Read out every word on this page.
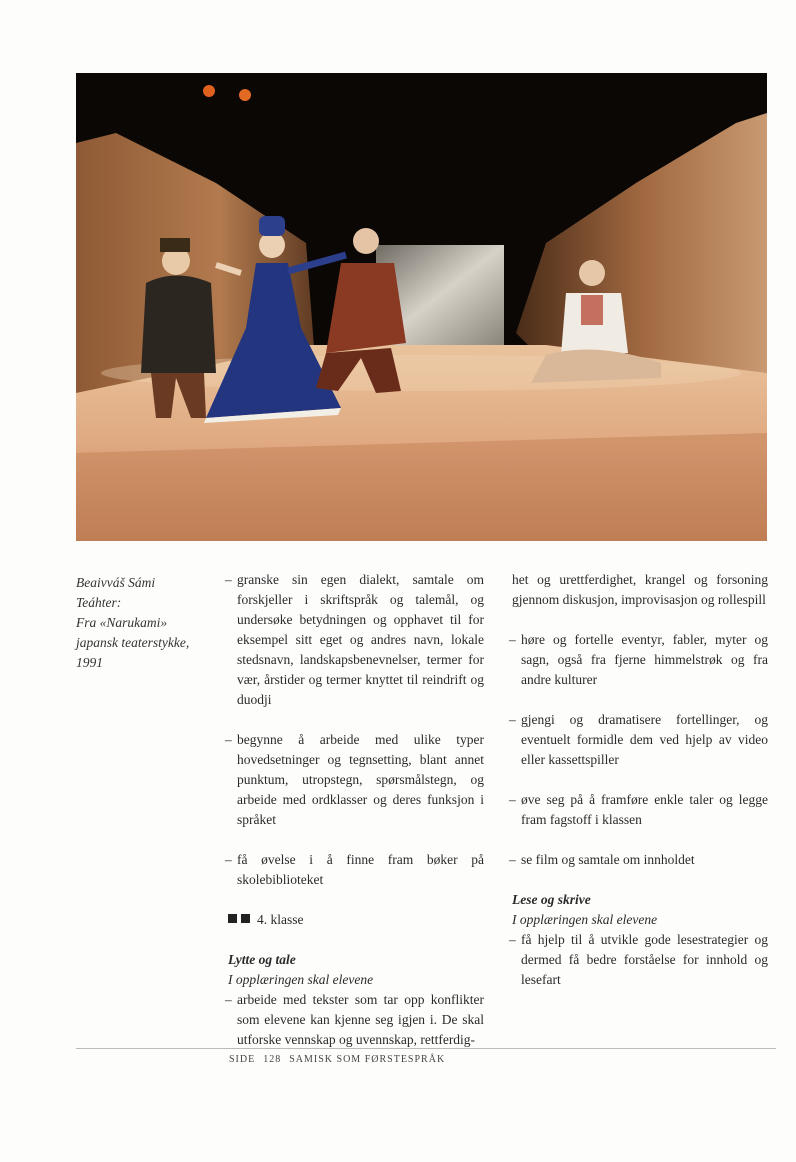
Beaivváš Sámi
Teáhter:
Fra «Narukami»
japansk teaterstykke,
1991

– granske sin egen dialekt, samtale om forskjeller i skriftspråk og talemål, og undersøke betydningen og opphavet til for eksempel sitt eget og andres navn, lokale stedsnavn, landskapsbenevnelser, termer for vær, årstider og termer knyttet til reindrift og duodji

– begynne å arbeide med ulike typer hovedsetninger og tegnsetting, blant annet punktum, utropstegn, spørsmålstegn, og arbeide med ordklasser og deres funksjon i språket

– få øvelse i å finne fram bøker på skolebiblioteket

4. klasse

Lytte og tale

I opplæringen skal elevene

– arbeide med tekster som tar opp konflikter som elevene kan kjenne seg igjen i. De skal utforske vennskap og uvennskap, rettferdig-

het og urettferdighet, krangel og forsoning gjennom diskusjon, improvisasjon og rollespill

– høre og fortelle eventyr, fabler, myter og sagn, også fra fjerne himmelstrøk og fra andre kulturer

– gjengi og dramatisere fortellinger, og eventuelt formidle dem ved hjelp av video eller kassettspiller

– øve seg på å framføre enkle taler og legge fram fagstoff i klassen

– se film og samtale om innholdet

Lese og skrive

I opplæringen skal elevene

– få hjelp til å utvikle gode lesestrategier og dermed få bedre forståelse for innhold og lesefart

SIDE 128 SAMISK SOM FØRSTESPRÅK
